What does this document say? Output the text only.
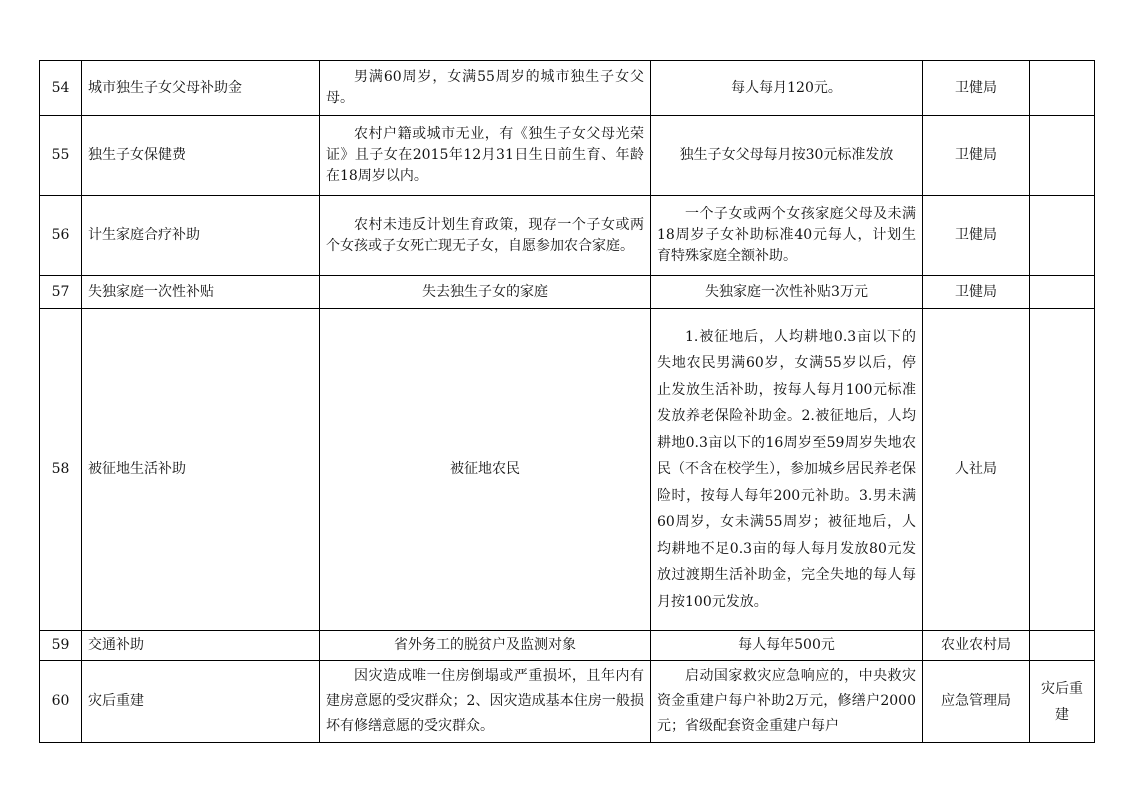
54	城市独生子女父母补助金	男满60周岁，女满55周岁的城市独生子女父母。	每人每月120元。	卫健局	
55	独生子女保健费	农村户籍或城市无业，有《独生子女父母光荣证》且子女在2015年12月31日生日前生育、年龄在18周岁以内。	独生子女父母每月按30元标准发放	卫健局	
56	计生家庭合疗补助	农村未违反计划生育政策，现存一个子女或两个女孩或子女死亡现无子女，自愿参加农合家庭。	一个子女或两个女孩家庭父母及未满18周岁子女补助标准40元每人，计划生育特殊家庭全额补助。	卫健局	
57	失独家庭一次性补贴	失去独生子女的家庭	失独家庭一次性补贴3万元	卫健局	
58	被征地生活补助	被征地农民	1.被征地后，人均耕地0.3亩以下的失地农民男满60岁，女满55岁以后，停止发放生活补助，按每人每月100元标准发放养老保险补助金。2.被征地后，人均耕地0.3亩以下的16周岁至59周岁失地农民（不含在校学生），参加城乡居民养老保险时，按每人每年200元补助。3.男未满60周岁，女未满55周岁；被征地后，人均耕地不足0.3亩的每人每月发放80元发放过渡期生活补助金，完全失地的每人每月按100元发放。	人社局	
59	交通补助	省外务工的脱贫户及监测对象	每人每年500元	农业农村局	
60	灾后重建	因灾造成唯一住房倒塌或严重损坏，且年内有建房意愿的受灾群众；2、因灾造成基本住房一般损坏有修缮意愿的受灾群众。	启动国家救灾应急响应的，中央救灾资金重建户每户补助2万元，修缮户2000元；省级配套资金重建户每户	应急管理局	灾后重建
